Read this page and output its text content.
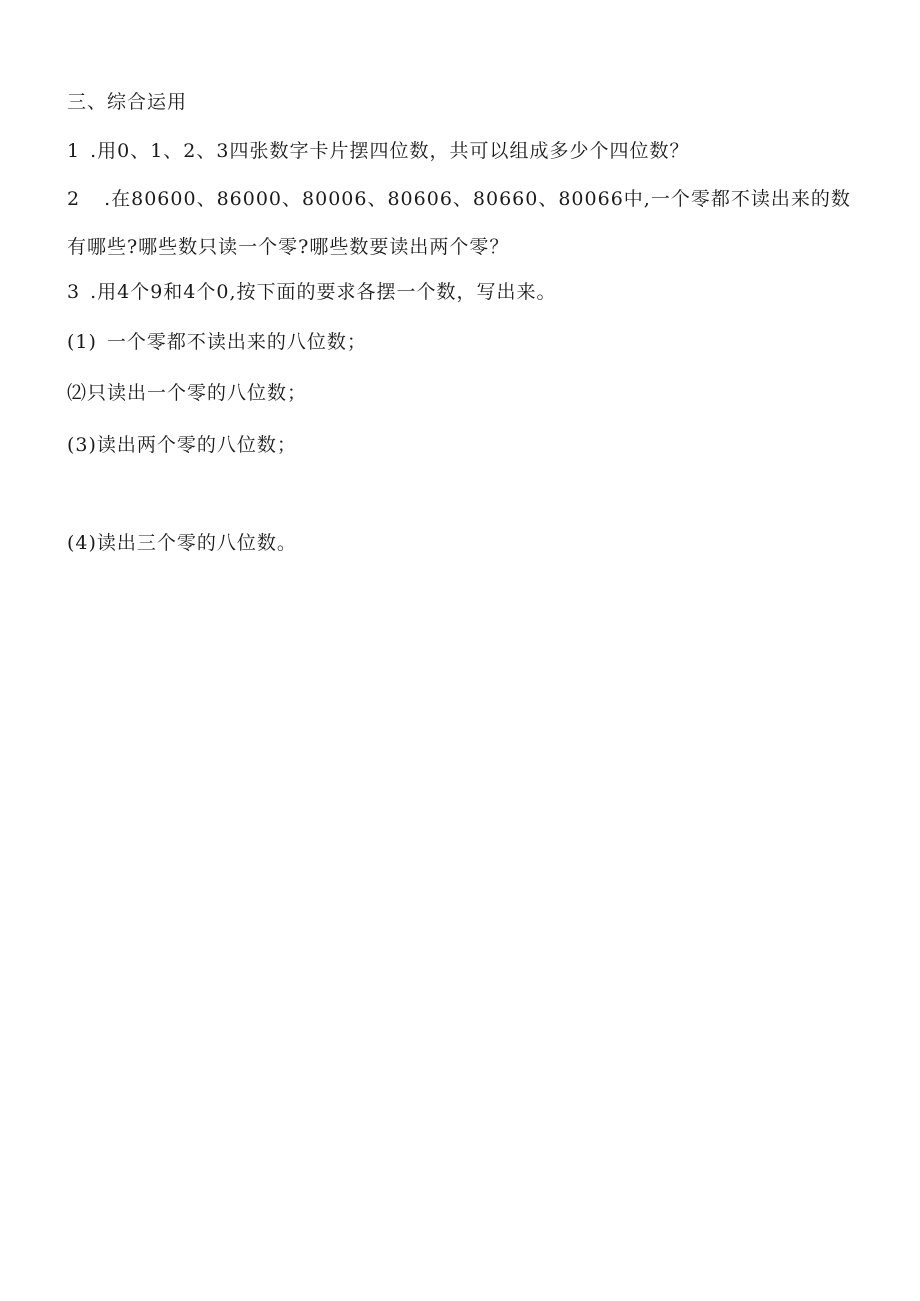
三、综合运用
1 .用0、1、2、3四张数字卡片摆四位数，共可以组成多少个四位数？
2 .在80600、86000、80006、80606、80660、80066中,一个零都不读出来的数
有哪些?哪些数只读一个零?哪些数要读出两个零？
3 .用4个9和4个0,按下面的要求各摆一个数，写出来。
(1) 一个零都不读出来的八位数；
⑵只读出一个零的八位数；
(3)读出两个零的八位数；
(4)读出三个零的八位数。
